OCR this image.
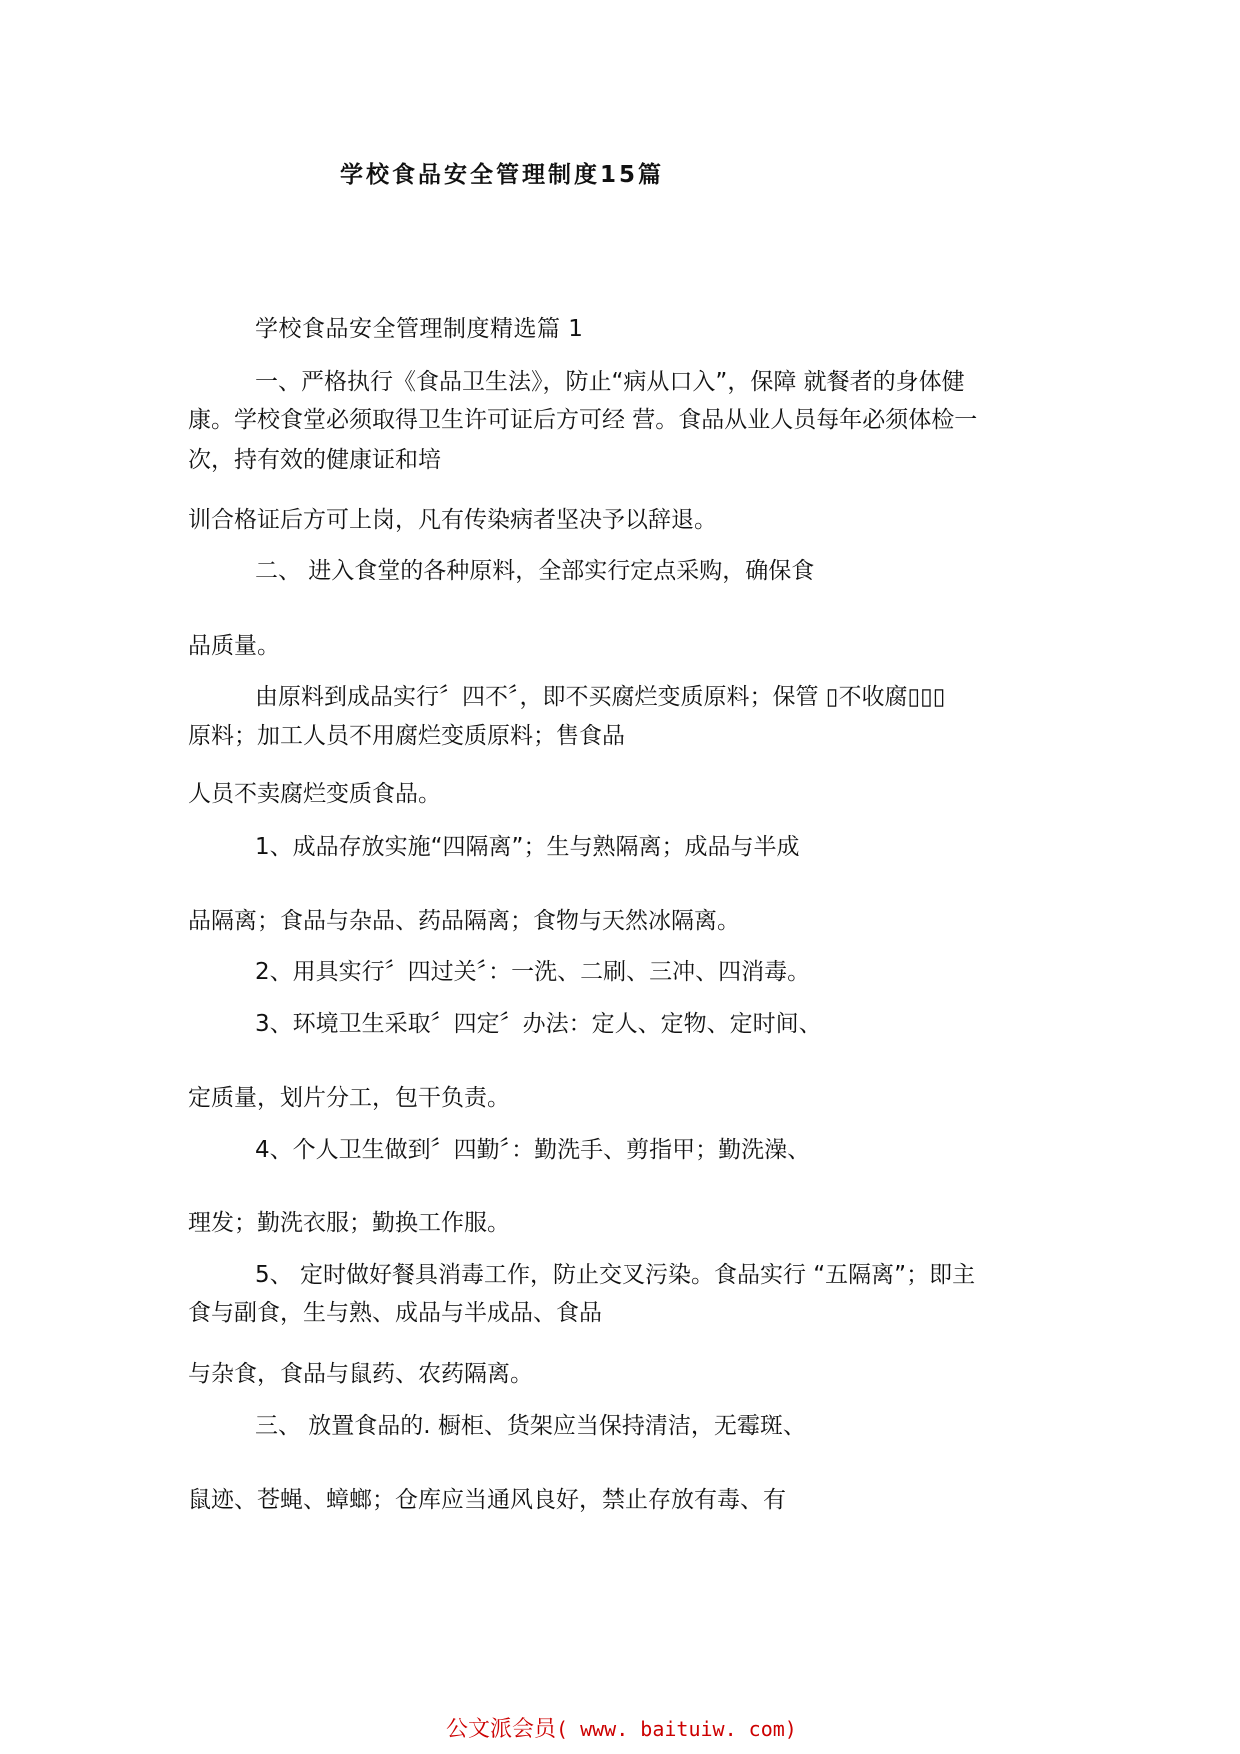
学校食品安全管理制度15篇
学校食品安全管理制度精选篇 1
一、严格执行《食品卫生法》，防止“病从口入”，保障 就餐者的身体健
康。学校食堂必须取得卫生许可证后方可经 营。食品从业人员每年必须体检一
次，持有效的健康证和培
训合格证后方可上岗，凡有传染病者坚决予以辞退。
二、 进入食堂的各种原料，全部实行定点采购，确保食
品质量。
由原料到成品实行〞四不〞，即不买腐烂变质原料；保管 ▯不收腐▯▯▯
原料；加工人员不用腐烂变质原料；售食品
人员不卖腐烂变质食品。
1、成品存放实施“四隔离”；生与熟隔离；成品与半成
品隔离；食品与杂品、药品隔离；食物与天然冰隔离。
2、用具实行〞四过关〞：一洗、二刷、三冲、四消毒。
3、环境卫生采取〞四定〞办法：定人、定物、定时间、
定质量，划片分工，包干负责。
4、个人卫生做到〞四勤〞：勤洗手、剪指甲；勤洗澡、
理发；勤洗衣服；勤换工作服。
5、 定时做好餐具消毒工作，防止交叉污染。食品实行 “五隔离”；即主
食与副食，生与熟、成品与半成品、食品
与杂食，食品与鼠药、农药隔离。
三、 放置食品的. 橱柜、货架应当保持清洁，无霉斑、
鼠迹、苍蝇、蟑螂；仓库应当通风良好，禁止存放有毒、有
公文派会员( www. baituiw. com)
